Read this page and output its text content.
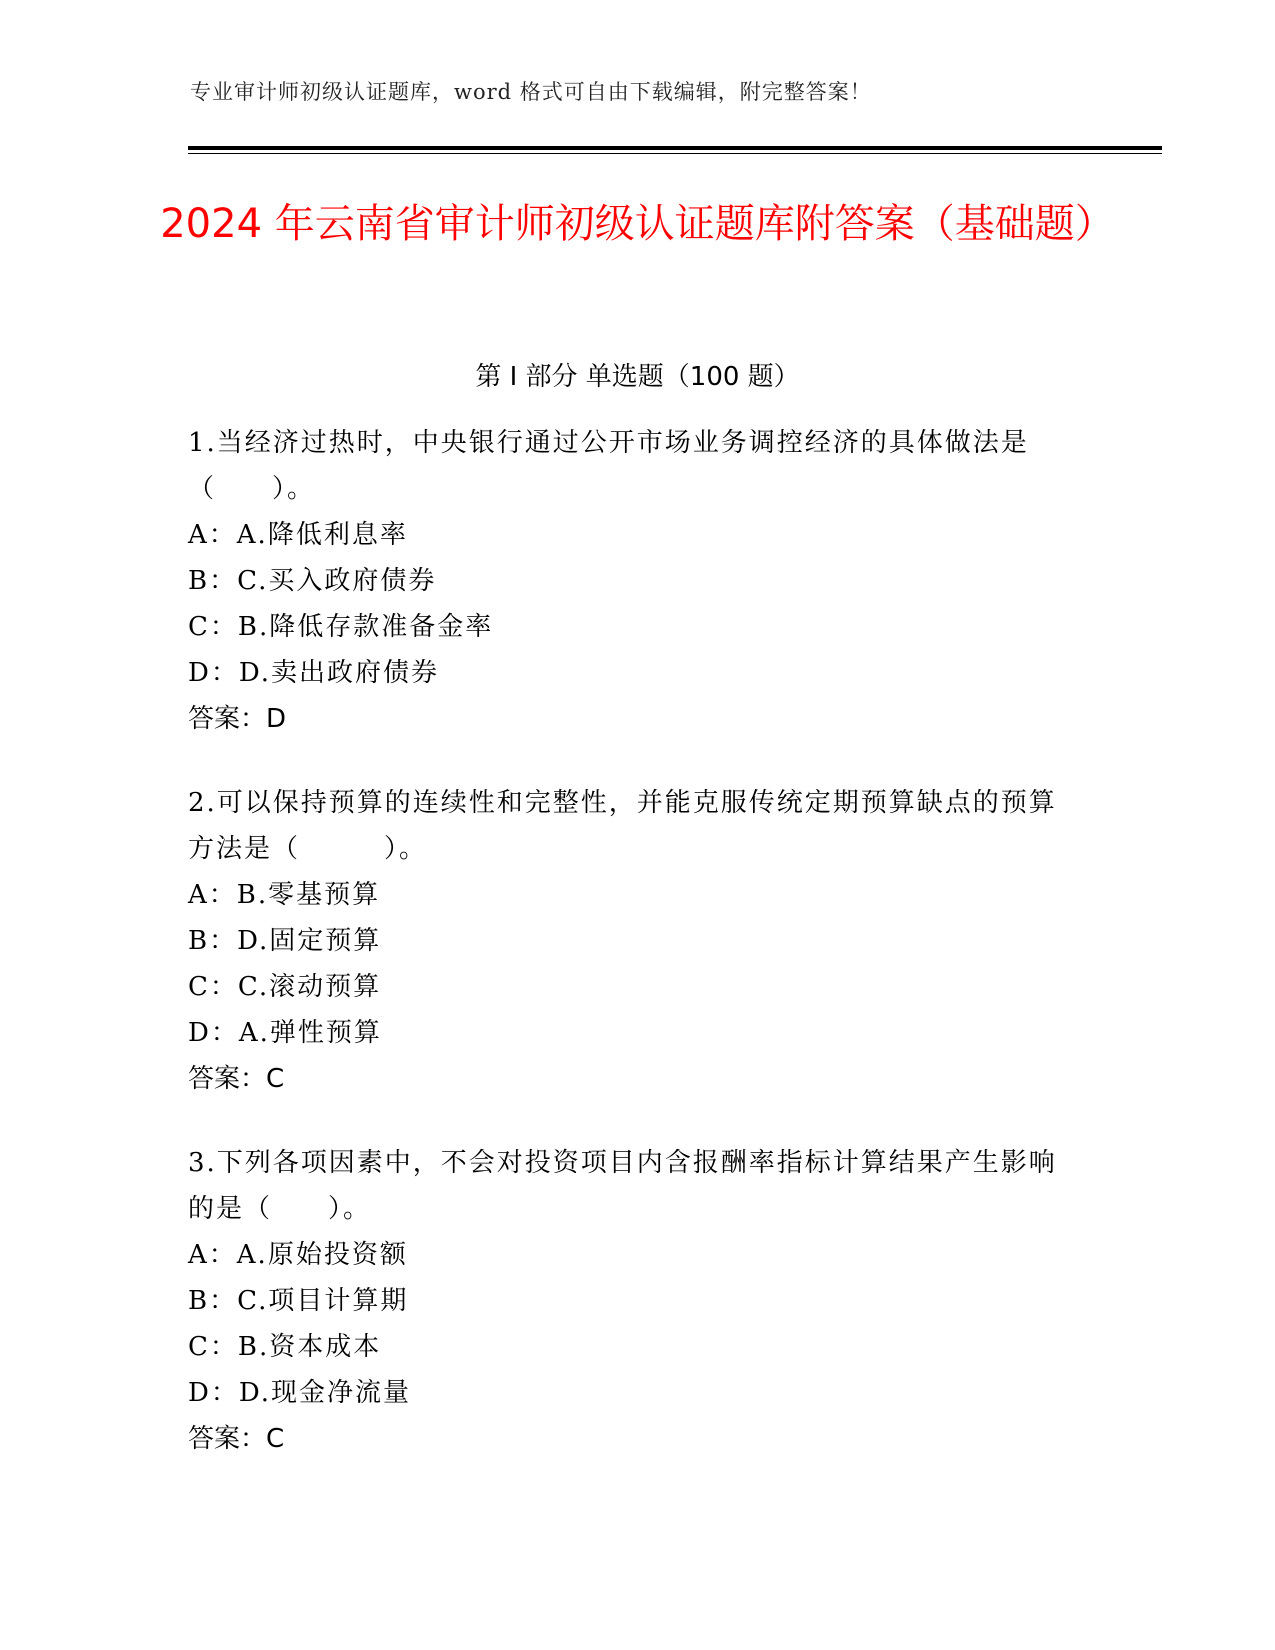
专业审计师初级认证题库，word 格式可自由下载编辑，附完整答案！
2024 年云南省审计师初级认证题库附答案（基础题）
第 I 部分 单选题（100 题）
1.当经济过热时，中央银行通过公开市场业务调控经济的具体做法是（　　）。
A：A.降低利息率
B：C.买入政府债券
C：B.降低存款准备金率
D：D.卖出政府债券
答案：D
2.可以保持预算的连续性和完整性，并能克服传统定期预算缺点的预算方法是（　　　）。
A：B.零基预算
B：D.固定预算
C：C.滚动预算
D：A.弹性预算
答案：C
3.下列各项因素中，不会对投资项目内含报酬率指标计算结果产生影响的是（　　）。
A：A.原始投资额
B：C.项目计算期
C：B.资本成本
D：D.现金净流量
答案：C
